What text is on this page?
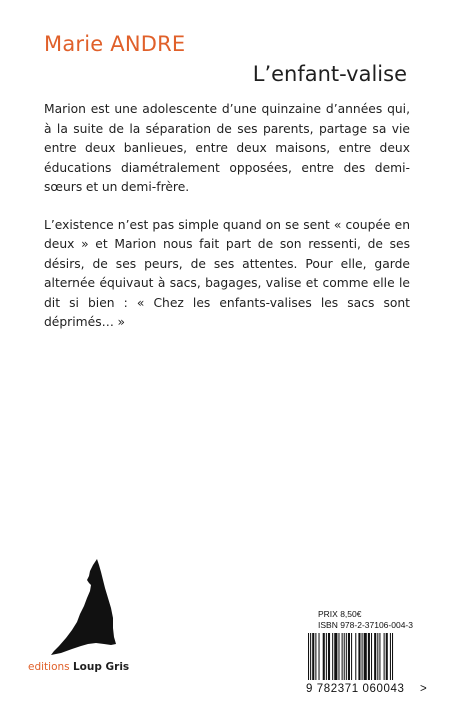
Marie ANDRE
L’enfant-valise

Marion est une adolescente d’une quinzaine d’années qui, à la suite de la séparation de ses parents, partage sa vie entre deux banlieues, entre deux maisons, entre deux éducations diamétralement opposées, entre des demi-sœurs et un demi-frère.

L’existence n’est pas simple quand on se sent « coupée en deux » et Marion nous fait part de son ressenti, de ses désirs, de ses peurs, de ses attentes. Pour elle, garde alternée équivaut à sacs, bagages, valise et comme elle le dit si bien : « Chez les enfants-valises les sacs sont déprimés… »

editions Loup Gris
PRIX 8,50€
ISBN 978-2-37106-004-3
9 782371 060043	>
